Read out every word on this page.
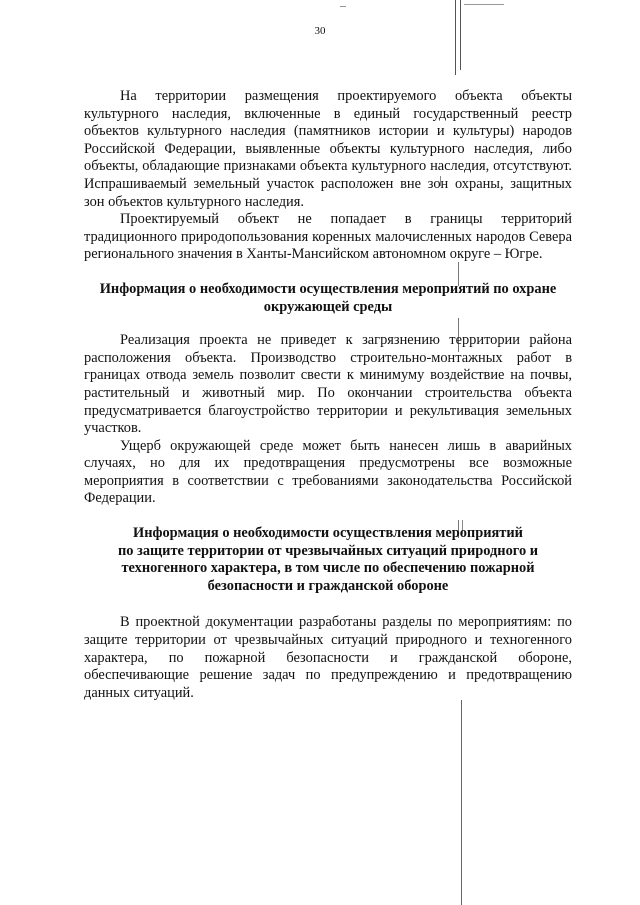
30

На территории размещения проектируемого объекта объекты культурного наследия, включенные в единый государственный реестр объектов культурного наследия (памятников истории и культуры) народов Российской Федерации, выявленные объекты культурного наследия, либо объекты, обладающие признаками объекта культурного наследия, отсутствуют. Испрашиваемый земельный участок расположен вне зон охраны, защитных зон объектов культурного наследия.

Проектируемый объект не попадает в границы территорий традиционного природопользования коренных малочисленных народов Севера регионального значения в Ханты-Мансийском автономном округе – Югре.

Информация о необходимости осуществления мероприятий по охране
окружающей среды

Реализация проекта не приведет к загрязнению территории района расположения объекта. Производство строительно-монтажных работ в границах отвода земель позволит свести к минимуму воздействие на почвы, растительный и животный мир. По окончании строительства объекта предусматривается благоустройство территории и рекультивация земельных участков.

Ущерб окружающей среде может быть нанесен лишь в аварийных случаях, но для их предотвращения предусмотрены все возможные мероприятия в соответствии с требованиями законодательства Российской Федерации.

Информация о необходимости осуществления мероприятий
по защите территории от чрезвычайных ситуаций природного и
техногенного характера, в том числе по обеспечению пожарной
безопасности и гражданской обороне

В проектной документации разработаны разделы по мероприятиям: по защите территории от чрезвычайных ситуаций природного и техногенного характера, по пожарной безопасности и гражданской обороне, обеспечивающие решение задач по предупреждению и предотвращению данных ситуаций.
